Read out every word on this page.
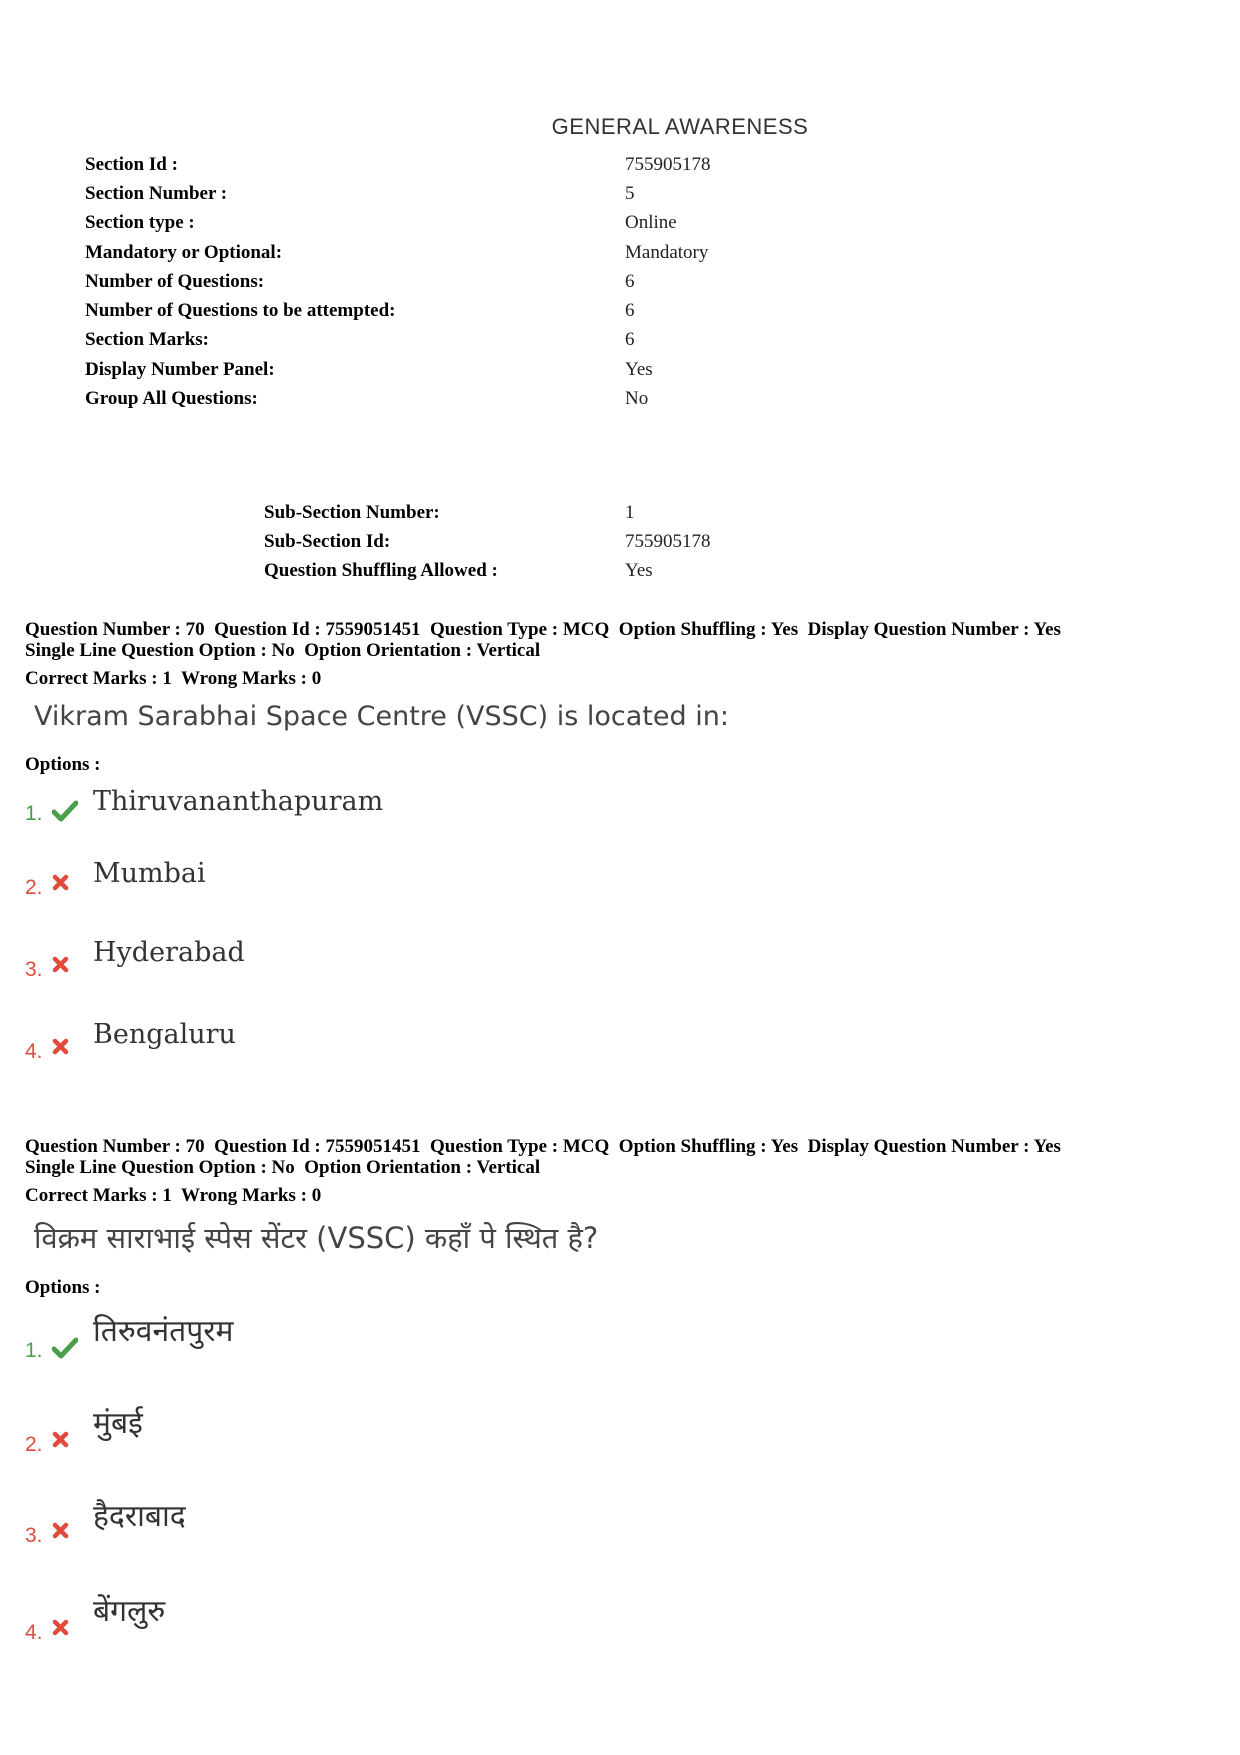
GENERAL AWARENESS
Section Id :	755905178
Section Number :	5
Section type :	Online
Mandatory or Optional:	Mandatory
Number of Questions:	6
Number of Questions to be attempted:	6
Section Marks:	6
Display Number Panel:	Yes
Group All Questions:	No
Sub-Section Number:	1
Sub-Section Id:	755905178
Question Shuffling Allowed :	Yes
Question Number : 70  Question Id : 7559051451  Question Type : MCQ  Option Shuffling : Yes  Display Question Number : Yes
Single Line Question Option : No  Option Orientation : Vertical
Correct Marks : 1  Wrong Marks : 0
Vikram Sarabhai Space Centre (VSSC) is located in:
Options :
1. Thiruvananthapuram
2. Mumbai
3.
Hyderabad
4.
Bengaluru
Question Number : 70  Question Id : 7559051451  Question Type : MCQ  Option Shuffling : Yes  Display Question Number : Yes
Single Line Question Option : No  Option Orientation : Vertical
Correct Marks : 1  Wrong Marks : 0
विक्रम साराभाई स्पेस सेंटर (VSSC) कहाँ पे स्थित है?
Options :
1.
तिरुवनंतपुरम
2.
मुंबई
3.
हैदराबाद
4.
बेंगलुरु
